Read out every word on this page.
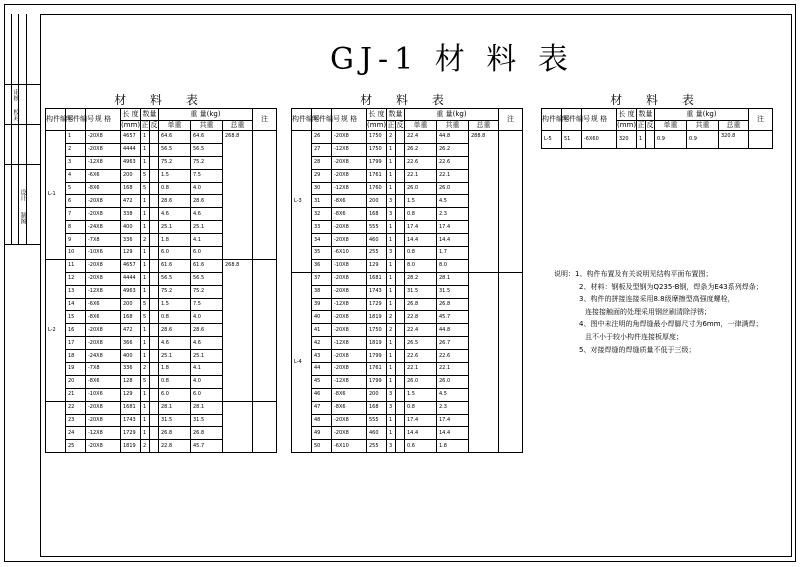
审核
校对
设计
制图
GJ-1 材 料 表
材 料 表									
构件编号	零件编号	规 格	长 度	数量		重 量(kg)			注
			(mm)	正	反	单重	共重	总重	
L-1	1	-20X8	4657	1		64.6	64.6	268.8	
	2	-20X8	4444	1		56.5	56.5		
	3	-12X8	4963	1		75.2	75.2		
	4	-6X6	200	5		1.5	7.5		
	5	-8X6	168	5		0.8	4.0		
	6	-20X8	472	1		28.6	28.6		
	7	-20X8	338	1		4.6	4.6		
	8	-24X8	400	1		25.1	25.1		
	9	-7X8	336	2		1.8	4.1		
	10	-10X6	129	1		6.0	6.0		
L-2	11	-20X8	4657	1		61.6	61.6	268.8	
	12	-20X8	4444	1		56.5	56.5		
	13	-12X8	4963	1		75.2	75.2		
	14	-6X6	200	5		1.5	7.5		
	15	-8X6	168	5		0.8	4.0		
	16	-20X8	472	1		28.6	28.6		
	17	-20X8	366	1		4.6	4.6		
	18	-24X8	400	1		25.1	25.1		
	19	-7X8	336	2		1.8	4.1		
	20	-8X6	128	5		0.8	4.0		
	21	-10X6	129	1		6.0	6.0		
	22	-20X8	1681	1		28.1	28.1		
	23	-20X8	1743	1		31.5	31.5		
	24	-12X8	1729	1		26.8	26.8		
	25	-20X8	1819	2		22.8	45.7		
材 料 表									
构件编号	零件编号	规 格	长 度	数量		重 量(kg)			注
			(mm)	正	反	单重	共重	总重	
L-3	26	-20X8	1750	2		22.4	44.8	288.8	
	27	-12X8	1750	1		26.2	26.2		
	28	-20X8	1799	1		22.6	22.6		
	29	-20X8	1761	1		22.1	22.1		
	30	-12X8	1760	1		26.0	26.0		
	31	-8X6	200	3		1.5	4.5		
	32	-8X6	168	3		0.8	2.3		
	33	-20X8	555	1		17.4	17.4		
	34	-20X8	460	1		14.4	14.4		
	35	-6X10	255	3		0.8	1.7		
	36	-10X8	129	1		8.0	8.0		
L-4	37	-20X8	1681	1		28.2	28.1		
	38	-20X8	1743	1		31.5	31.5		
	39	-12X8	1729	1		26.8	26.8		
	40	-20X8	1819	2		22.8	45.7		
	41	-20X8	1750	2		22.4	44.8		
	42	-12X8	1819	1		26.5	26.7		
	43	-20X8	1799	1		22.6	22.6		
	44	-20X8	1761	1		22.1	22.1		
	45	-12X8	1799	1		26.0	26.0		
	46	-8X6	200	3		1.5	4.5		
	47	-8X6	168	3		0.8	2.3		
	48	-20X8	555	1		17.4	17.4		
	49	-20X8	460	1		14.4	14.4		
	50	-6X10	255	3		0.6	1.8		
材 料 表									
构件编号	零件编号	规 格	长 度	数量		重 量(kg)			注
			(mm)	正	反	单重	共重	总重	
L-5	51	-6X60	320	1		0.9	0.9	320.8	
说明：1、构件布置及有关说明见结构平面布置图；
2、材料：钢板及型钢为Q235-B钢，焊条为E43系列焊条；
3、构件的拼接连接采用8.8级摩擦型高强度螺栓，
连接接触面的处理采用钢丝刷清除浮锈；
4、图中未注明的角焊缝最小焊脚尺寸为6mm，一律满焊；
且不小于较小构件连接板厚度；
5、对接焊缝的焊缝质量不低于三级；
